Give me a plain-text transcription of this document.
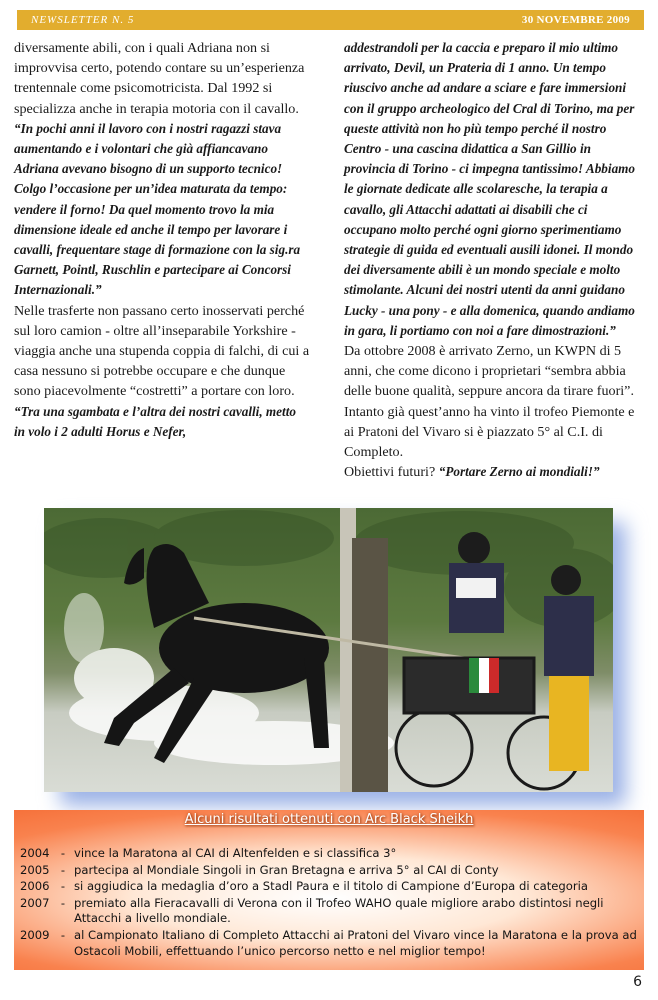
NEWSLETTER N. 5	30 NOVEMBRE 2009

diversamente abili, con i quali Adriana non si improvvisa certo, potendo contare su un’esperienza trentennale come psicomotricista. Dal 1992 si specializza anche in terapia motoria con il cavallo.

“In pochi anni il lavoro con i nostri ragazzi stava aumentando e i volontari che già affiancavano Adriana avevano bisogno di un supporto tecnico! Colgo l’occasione per un’idea maturata da tempo: vendere il forno! Da quel momento trovo la mia dimensione ideale ed anche il tempo per lavorare i cavalli, frequentare stage di formazione con la sig.ra Garnett, Pointl, Ruschlin e partecipare ai Concorsi Internazionali.”

Nelle trasferte non passano certo inosservati perché sul loro camion - oltre all’inseparabile Yorkshire - viaggia anche una stupenda coppia di falchi, di cui a casa nessuno si potrebbe occupare e che dunque sono piacevolmente “costretti” a portare con loro.

“Tra una sgambata e l’altra dei nostri cavalli, metto in volo i 2 adulti Horus e Nefer,

addestrandoli per la caccia e preparo il mio ultimo arrivato, Devil, un Prateria di 1 anno. Un tempo riuscivo anche ad andare a sciare e fare immersioni con il gruppo archeologico del Cral di Torino, ma per queste attività non ho più tempo perché il nostro Centro - una cascina didattica a San Gillio in provincia di Torino - ci impegna tantissimo! Abbiamo le giornate dedicate alle scolaresche, la terapia a cavallo, gli Attacchi adattati ai disabili che ci occupano molto perché ogni giorno sperimentiamo strategie di guida ed eventuali ausili idonei. Il mondo dei diversamente abili è un mondo speciale e molto stimolante. Alcuni dei nostri utenti da anni guidano Lucky - una pony - e alla domenica, quando andiamo in gara, li portiamo con noi a fare dimostrazioni.”

Da ottobre 2008 è arrivato Zerno, un KWPN di 5 anni, che come dicono i proprietari “sembra abbia delle buone qualità, seppure ancora da tirare fuori”. Intanto già quest’anno ha vinto il trofeo Piemonte e ai Pratoni del Vivaro si è piazzato 5° al C.I. di Completo.

Obiettivi futuri? “Portare Zerno ai mondiali!”

Alcuni risultati ottenuti con Arc Black Sheikh
2004 - vince la Maratona al CAI di Altenfelden e si classifica 3°
2005 - partecipa al Mondiale Singoli in Gran Bretagna e arriva 5° al CAI di Conty
2006 - si aggiudica la medaglia d’oro a Stadl Paura e il titolo di Campione d’Europa di categoria
2007 - premiato alla Fieracavalli di Verona con il Trofeo WAHO quale migliore arabo distintosi negli Attacchi a livello mondiale.
2009 - al Campionato Italiano di Completo Attacchi ai Pratoni del Vivaro vince la Maratona e la prova ad Ostacoli Mobili, effettuando l’unico percorso netto e nel miglior tempo!
6
